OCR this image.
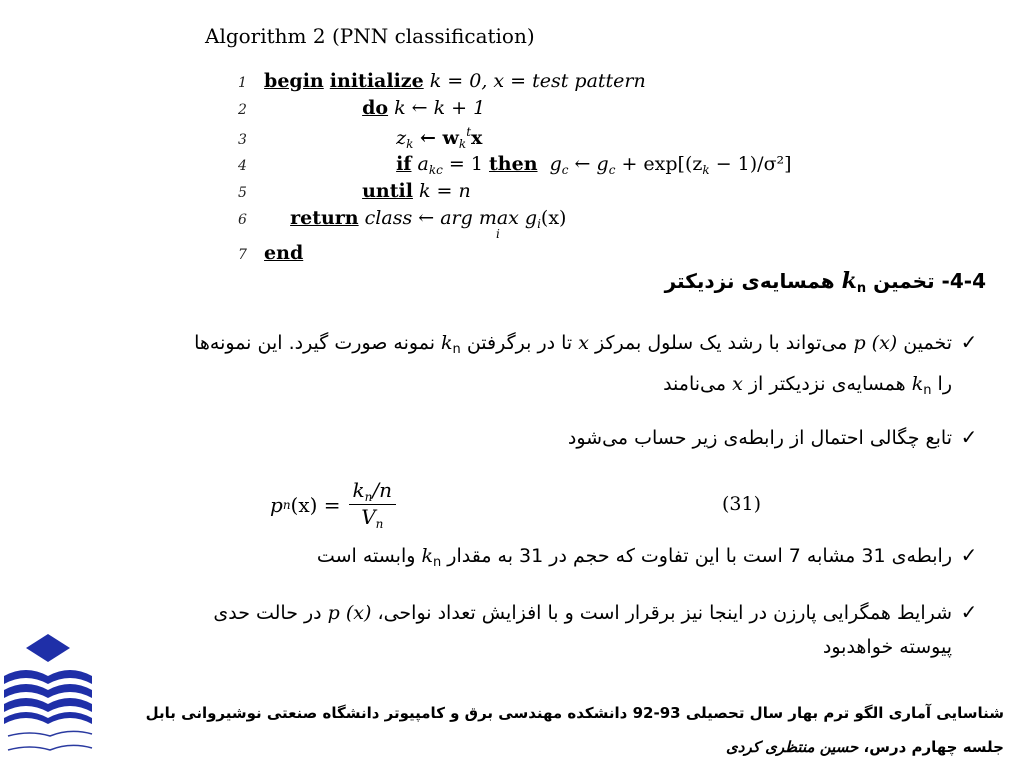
Algorithm 2 (PNN classification)
1 begin initialize k = 0, x = test pattern
2	do k ← k + 1
3	$z_k$ ← $w_k^tx$
4	if $a_{kc} = 1$ then $g_c$ ← $g_c + \exp[(z_k - 1)/\sigma^2]$
5	until k = n
6 return class ← arg $\max g_i(x)$
i
7 end
4-4- تخمین $k_n$ همسایه‌ی نزدیکتر
✓تخمین p (x) می‌تواند با رشد یک سلول بمرکز x تا در برگرفتن $k_n$ نمونه صورت گیرد. این نمونه‌ها
را $k_n$ همسایه‌ی نزدیکتر از x می‌نامند
✓تابع چگالی احتمال از رابطه‌ی زیر حساب می‌شود
p n $(x) = \frac{k_n/n}{V_n}$	(31)
✓رابطه‌ی 31 مشابه 7 است با این تفاوت که حجم در 31 به مقدار $k_n$ وابسته است
✓شرایط همگرایی پارزن در اینجا نیز برقرار است و با افزایش تعداد نواحی، p (x) در حالت حدی
پیوسته خواهدبود
شناسایی آماری الگو ترم بهار سال تحصیلی 93-92 دانشکده مهندسی برق و کامپیوتر دانشگاه صنعتی نوشیروانی بابل
جلسه چهارم درس، حسین منتظری کردی
